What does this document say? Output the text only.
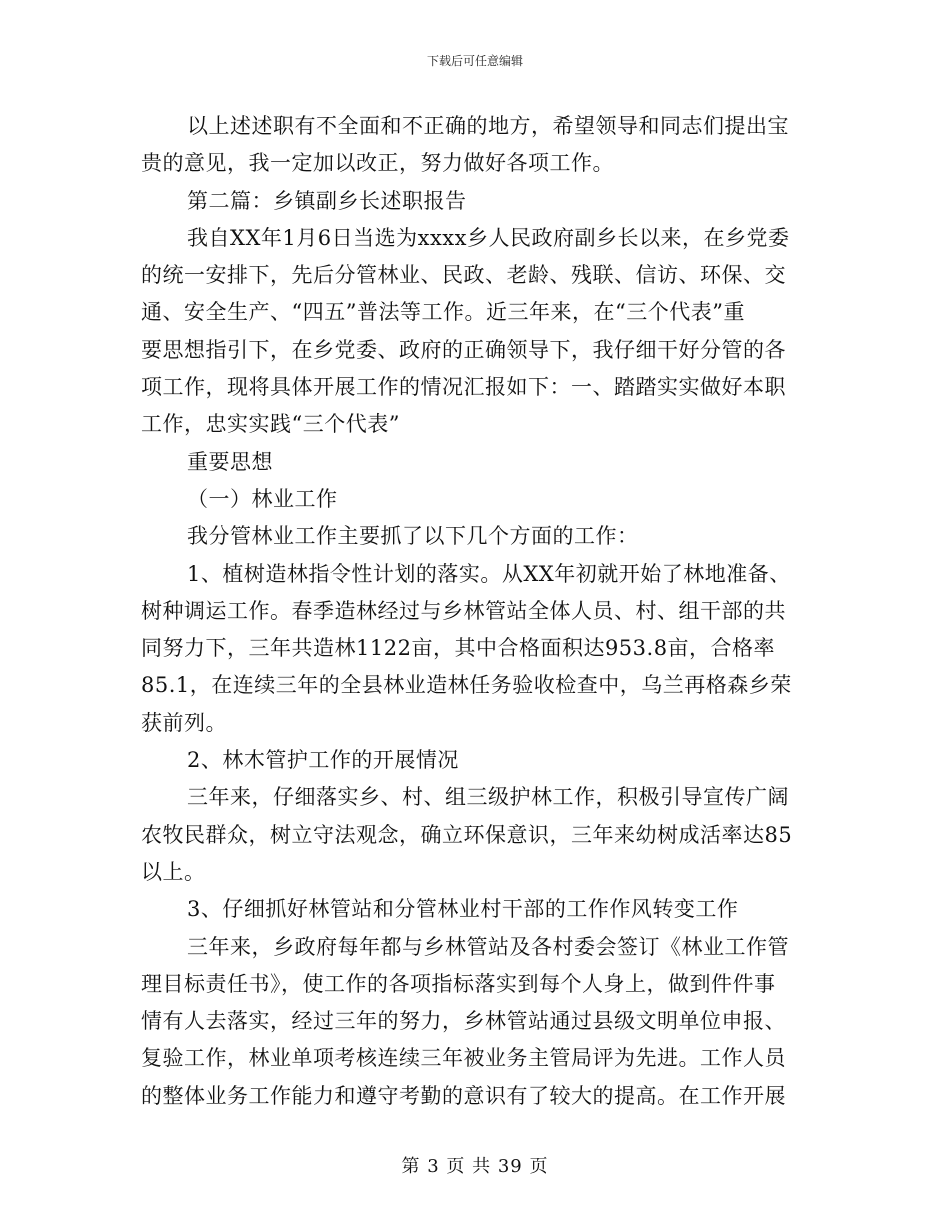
下载后可任意编辑
以上述述职有不全面和不正确的地方，希望领导和同志们提出宝
贵的意见，我一定加以改正，努力做好各项工作。
第二篇：乡镇副乡长述职报告
我自XX年1月6日当选为xxxx乡人民政府副乡长以来，在乡党委
的统一安排下，先后分管林业、民政、老龄、残联、信访、环保、交
通、安全生产、“四五”普法等工作。近三年来，在“三个代表”重
要思想指引下，在乡党委、政府的正确领导下，我仔细干好分管的各
项工作，现将具体开展工作的情况汇报如下：一、踏踏实实做好本职
工作，忠实实践“三个代表”
重要思想
（一）林业工作
我分管林业工作主要抓了以下几个方面的工作：
1、植树造林指令性计划的落实。从XX年初就开始了林地准备、
树种调运工作。春季造林经过与乡林管站全体人员、村、组干部的共
同努力下，三年共造林1122亩，其中合格面积达953.8亩，合格率
85.1，在连续三年的全县林业造林任务验收检查中，乌兰再格森乡荣
获前列。
2、林木管护工作的开展情况
三年来，仔细落实乡、村、组三级护林工作，积极引导宣传广阔
农牧民群众，树立守法观念，确立环保意识，三年来幼树成活率达85
以上。
3、仔细抓好林管站和分管林业村干部的工作作风转变工作
三年来，乡政府每年都与乡林管站及各村委会签订《林业工作管
理目标责任书》，使工作的各项指标落实到每个人身上，做到件件事
情有人去落实，经过三年的努力，乡林管站通过县级文明单位申报、
复验工作，林业单项考核连续三年被业务主管局评为先进。工作人员
的整体业务工作能力和遵守考勤的意识有了较大的提高。在工作开展
第 3 页 共 39 页
